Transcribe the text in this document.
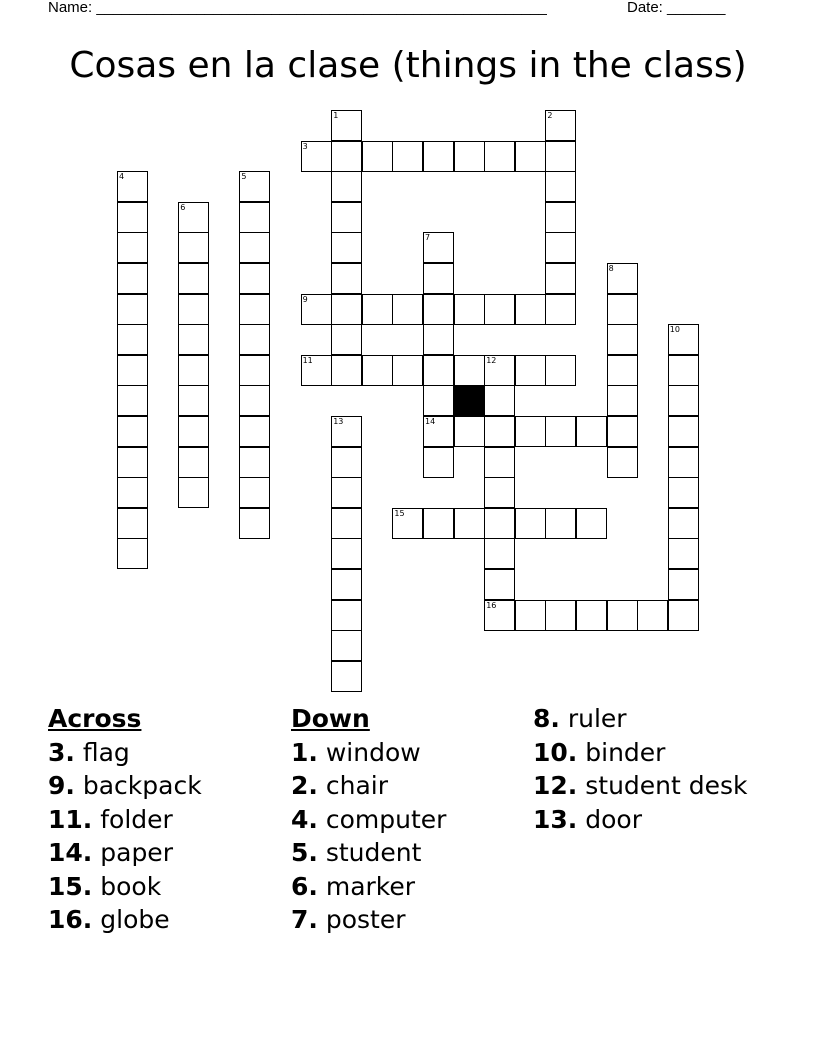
Name: ______________________________________________________	Date: _______
Cosas en la clase (things in the class)
3
9
11	12
14
15
16
1	2
4	5
6
7
8
10
13
Across
3. flag
9. backpack
11. folder
14. paper
15. book
16. globe
Down
1. window
2. chair
4. computer
5. student
6. marker
7. poster
8. ruler
10. binder
12. student desk
13. door
